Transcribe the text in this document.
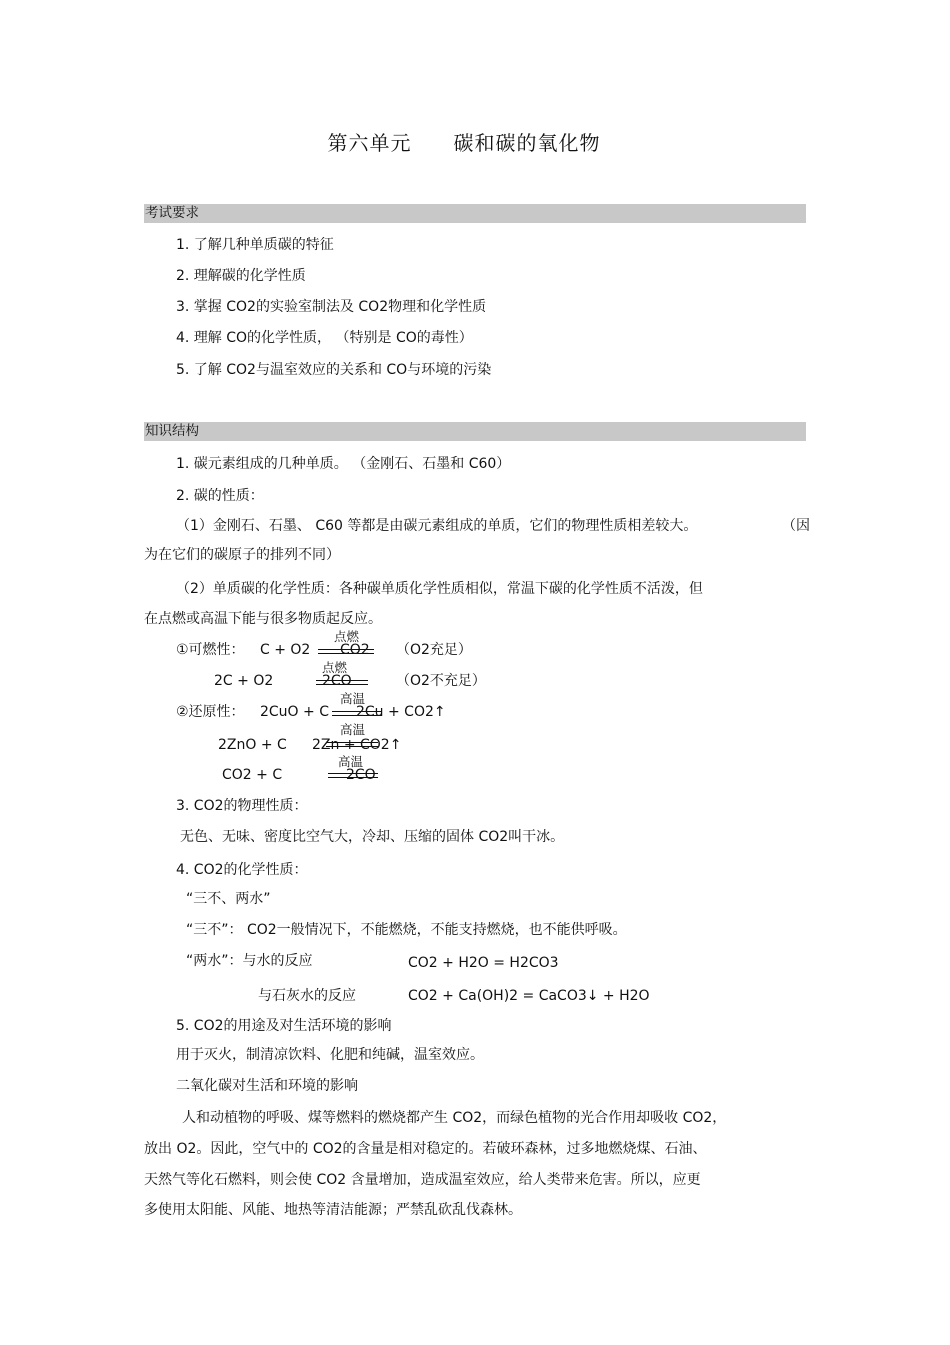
第六单元　　碳和碳的氧化物
考试要求
1. 了解几种单质碳的特征
2. 理解碳的化学性质
3. 掌握 CO2的实验室制法及 CO2物理和化学性质
4. 理解 CO的化学性质， （特别是 CO的毒性）
5. 了解 CO2与温室效应的关系和 CO与环境的污染
知识结构
1. 碳元素组成的几种单质。 （金刚石、石墨和 C60）
2. 碳的性质：
（1）金刚石、石墨、 C60 等都是由碳元素组成的单质，它们的物理性质相差较大。	（因
为在它们的碳原子的排列不同）
（2）单质碳的化学性质：各种碳单质化学性质相似，常温下碳的化学性质不活泼，但
在点燃或高温下能与很多物质起反应。
①可燃性： C + O2
点燃
CO2 （O2充足）
2C + O2
点燃
2CO	（O2不充足）
②还原性： 2CuO + C
高温
2Cu + CO2↑
2ZnO + C
高温
2Zn + CO2↑
CO2 + C
高温
2CO
3. CO2的物理性质：
无色、无味、密度比空气大，冷却、压缩的固体 CO2叫干冰。
4. CO2的化学性质：
“三不、两水”
“三不”： CO2一般情况下，不能燃烧，不能支持燃烧，也不能供呼吸。
“两水”：与水的反应	CO2 + H2O = H2CO3
与石灰水的反应	CO2 + Ca(OH)2 = CaCO3↓ + H2O
5. CO2的用途及对生活环境的影响
用于灭火，制清凉饮料、化肥和纯碱，温室效应。
二氧化碳对生活和环境的影响
人和动植物的呼吸、煤等燃料的燃烧都产生 CO2，而绿色植物的光合作用却吸收 CO2，
放出 O2。因此，空气中的 CO2的含量是相对稳定的。若破环森林，过多地燃烧煤、石油、
天然气等化石燃料，则会使 CO2 含量增加，造成温室效应，给人类带来危害。所以，应更
多使用太阳能、风能、地热等清洁能源；严禁乱砍乱伐森林。
